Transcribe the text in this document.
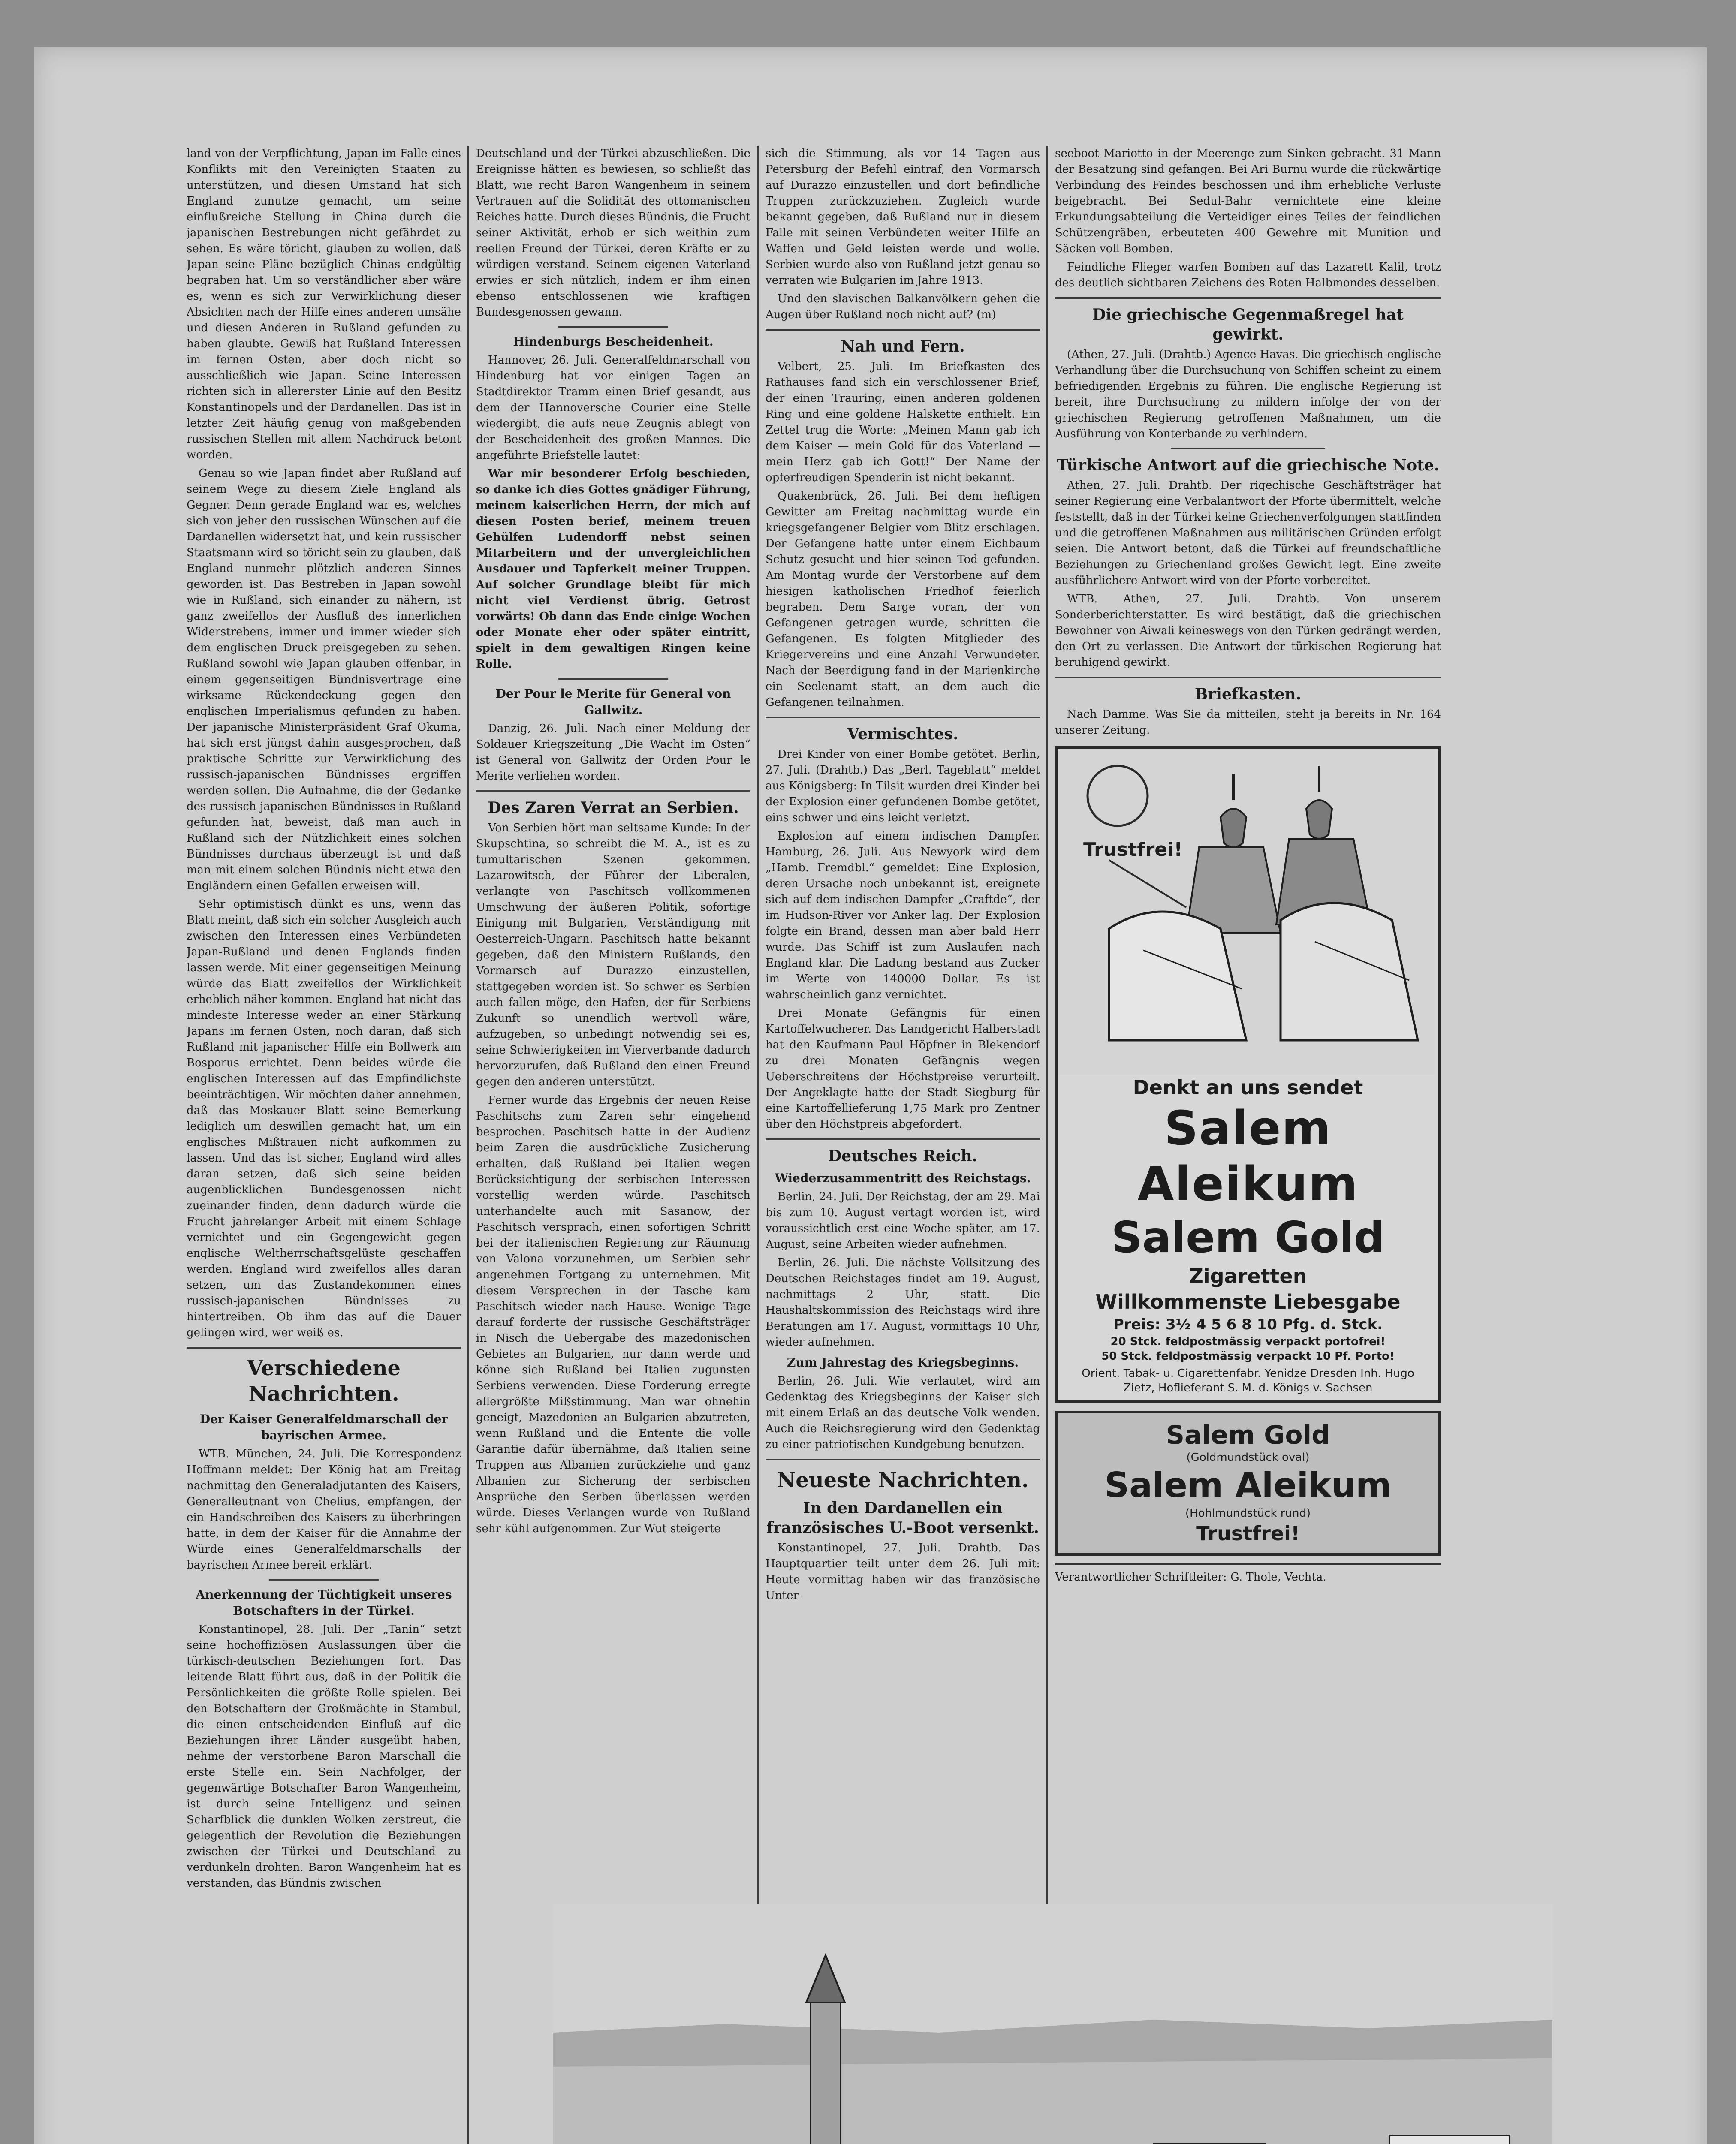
land von der Verpflichtung, Japan im Falle eines Konflikts mit den Vereinigten Staaten zu unterstützen, und diesen Umstand hat sich England zunutze gemacht, um seine einflußreiche Stellung in China durch die japanischen Bestrebungen nicht gefährdet zu sehen. Es wäre töricht, glauben zu wollen, daß Japan seine Pläne bezüglich Chinas endgültig begraben hat. Um so verständlicher aber wäre es, wenn es sich zur Verwirklichung dieser Absichten nach der Hilfe eines anderen umsähe und diesen Anderen in Rußland gefunden zu haben glaubte. Gewiß hat Rußland Interessen im fernen Osten, aber doch nicht so ausschließlich wie Japan. Seine Interessen richten sich in allererster Linie auf den Besitz Konstantinopels und der Dardanellen. Das ist in letzter Zeit häufig genug von maßgebenden russischen Stellen mit allem Nachdruck betont worden.

Genau so wie Japan findet aber Rußland auf seinem Wege zu diesem Ziele England als Gegner. Denn gerade England war es, welches sich von jeher den russischen Wünschen auf die Dardanellen widersetzt hat, und kein russischer Staatsmann wird so töricht sein zu glauben, daß England nunmehr plötzlich anderen Sinnes geworden ist. Das Bestreben in Japan sowohl wie in Rußland, sich einander zu nähern, ist ganz zweifellos der Ausfluß des innerlichen Widerstrebens, immer und immer wieder sich dem englischen Druck preisgegeben zu sehen. Rußland sowohl wie Japan glauben offenbar, in einem gegenseitigen Bündnisvertrage eine wirksame Rückendeckung gegen den englischen Imperialismus gefunden zu haben. Der japanische Ministerpräsident Graf Okuma, hat sich erst jüngst dahin ausgesprochen, daß praktische Schritte zur Verwirklichung des russisch-japanischen Bündnisses ergriffen werden sollen. Die Aufnahme, die der Gedanke des russisch-japanischen Bündnisses in Rußland gefunden hat, beweist, daß man auch in Rußland sich der Nützlichkeit eines solchen Bündnisses durchaus überzeugt ist und daß man mit einem solchen Bündnis nicht etwa den Engländern einen Gefallen erweisen will.

Sehr optimistisch dünkt es uns, wenn das Blatt meint, daß sich ein solcher Ausgleich auch zwischen den Interessen eines Verbündeten Japan-Rußland und denen Englands finden lassen werde. Mit einer gegenseitigen Meinung würde das Blatt zweifellos der Wirklichkeit erheblich näher kommen. England hat nicht das mindeste Interesse weder an einer Stärkung Japans im fernen Osten, noch daran, daß sich Rußland mit japanischer Hilfe ein Bollwerk am Bosporus errichtet. Denn beides würde die englischen Interessen auf das Empfindlichste beeinträchtigen. Wir möchten daher annehmen, daß das Moskauer Blatt seine Bemerkung lediglich um deswillen gemacht hat, um ein englisches Mißtrauen nicht aufkommen zu lassen. Und das ist sicher, England wird alles daran setzen, daß sich seine beiden augenblicklichen Bundesgenossen nicht zueinander finden, denn dadurch würde die Frucht jahrelanger Arbeit mit einem Schlage vernichtet und ein Gegengewicht gegen englische Weltherrschaftsgelüste geschaffen werden. England wird zweifellos alles daran setzen, um das Zustandekommen eines russisch-japanischen Bündnisses zu hintertreiben. Ob ihm das auf die Dauer gelingen wird, wer weiß es.

Verschiedene Nachrichten.
Der Kaiser Generalfeldmarschall der bayrischen Armee.

WTB. München, 24. Juli. Die Korrespondenz Hoffmann meldet: Der König hat am Freitag nachmittag den Generaladjutanten des Kaisers, Generalleutnant von Chelius, empfangen, der ein Handschreiben des Kaisers zu überbringen hatte, in dem der Kaiser für die Annahme der Würde eines Generalfeldmarschalls der bayrischen Armee bereit erklärt.

Anerkennung der Tüchtigkeit unseres Botschafters in der Türkei.

Konstantinopel, 28. Juli. Der „Tanin“ setzt seine hochoffiziösen Auslassungen über die türkisch-deutschen Beziehungen fort. Das leitende Blatt führt aus, daß in der Politik die Persönlichkeiten die größte Rolle spielen. Bei den Botschaftern der Großmächte in Stambul, die einen entscheidenden Einfluß auf die Beziehungen ihrer Länder ausgeübt haben, nehme der verstorbene Baron Marschall die erste Stelle ein. Sein Nachfolger, der gegenwärtige Botschafter Baron Wangenheim, ist durch seine Intelligenz und seinen Scharfblick die dunklen Wolken zerstreut, die gelegentlich der Revolution die Beziehungen zwischen der Türkei und Deutschland zu verdunkeln drohten. Baron Wangenheim hat es verstanden, das Bündnis zwischen

Deutschland und der Türkei abzuschließen. Die Ereignisse hätten es bewiesen, so schließt das Blatt, wie recht Baron Wangenheim in seinem Vertrauen auf die Solidität des ottomanischen Reiches hatte. Durch dieses Bündnis, die Frucht seiner Aktivität, erhob er sich weithin zum reellen Freund der Türkei, deren Kräfte er zu würdigen verstand. Seinem eigenen Vaterland erwies er sich nützlich, indem er ihm einen ebenso entschlossenen wie kraftigen Bundesgenossen gewann.

Hindenburgs Bescheidenheit.

Hannover, 26. Juli. Generalfeldmarschall von Hindenburg hat vor einigen Tagen an Stadtdirektor Tramm einen Brief gesandt, aus dem der Hannoversche Courier eine Stelle wiedergibt, die aufs neue Zeugnis ablegt von der Bescheidenheit des großen Mannes. Die angeführte Briefstelle lautet:

War mir besonderer Erfolg beschieden, so danke ich dies Gottes gnädiger Führung, meinem kaiserlichen Herrn, der mich auf diesen Posten berief, meinem treuen Gehülfen Ludendorff nebst seinen Mitarbeitern und der unvergleichlichen Ausdauer und Tapferkeit meiner Truppen. Auf solcher Grundlage bleibt für mich nicht viel Verdienst übrig. Getrost vorwärts! Ob dann das Ende einige Wochen oder Monate eher oder später eintritt, spielt in dem gewaltigen Ringen keine Rolle.

Der Pour le Merite für General von Gallwitz.

Danzig, 26. Juli. Nach einer Meldung der Soldauer Kriegszeitung „Die Wacht im Osten“ ist General von Gallwitz der Orden Pour le Merite verliehen worden.

Des Zaren Verrat an Serbien.

Von Serbien hört man seltsame Kunde: In der Skupschtina, so schreibt die M. A., ist es zu tumultarischen Szenen gekommen. Lazarowitsch, der Führer der Liberalen, verlangte von Paschitsch vollkommenen Umschwung der äußeren Politik, sofortige Einigung mit Bulgarien, Verständigung mit Oesterreich-Ungarn. Paschitsch hatte bekannt gegeben, daß den Ministern Rußlands, den Vormarsch auf Durazzo einzustellen, stattgegeben worden ist. So schwer es Serbien auch fallen möge, den Hafen, der für Serbiens Zukunft so unendlich wertvoll wäre, aufzugeben, so unbedingt notwendig sei es, seine Schwierigkeiten im Vierverbande dadurch hervorzurufen, daß Rußland den einen Freund gegen den anderen unterstützt.

Ferner wurde das Ergebnis der neuen Reise Paschitschs zum Zaren sehr eingehend besprochen. Paschitsch hatte in der Audienz beim Zaren die ausdrückliche Zusicherung erhalten, daß Rußland bei Italien wegen Berücksichtigung der serbischen Interessen vorstellig werden würde. Paschitsch unterhandelte auch mit Sasanow, der Paschitsch versprach, einen sofortigen Schritt bei der italienischen Regierung zur Räumung von Valona vorzunehmen, um Serbien sehr angenehmen Fortgang zu unternehmen. Mit diesem Versprechen in der Tasche kam Paschitsch wieder nach Hause. Wenige Tage darauf forderte der russische Geschäftsträger in Nisch die Uebergabe des mazedonischen Gebietes an Bulgarien, nur dann werde und könne sich Rußland bei Italien zugunsten Serbiens verwenden. Diese Forderung erregte allergrößte Mißstimmung. Man war ohnehin geneigt, Mazedonien an Bulgarien abzutreten, wenn Rußland und die Entente die volle Garantie dafür übernähme, daß Italien seine Truppen aus Albanien zurückziehe und ganz Albanien zur Sicherung der serbischen Ansprüche den Serben überlassen werden würde. Dieses Verlangen wurde von Rußland sehr kühl aufgenommen. Zur Wut steigerte

sich die Stimmung, als vor 14 Tagen aus Petersburg der Befehl eintraf, den Vormarsch auf Durazzo einzustellen und dort befindliche Truppen zurückzuziehen. Zugleich wurde bekannt gegeben, daß Rußland nur in diesem Falle mit seinen Verbündeten weiter Hilfe an Waffen und Geld leisten werde und wolle. Serbien wurde also von Rußland jetzt genau so verraten wie Bulgarien im Jahre 1913.

Und den slavischen Balkanvölkern gehen die Augen über Rußland noch nicht auf? (m)

Nah und Fern.

Velbert, 25. Juli. Im Briefkasten des Rathauses fand sich ein verschlossener Brief, der einen Trauring, einen anderen goldenen Ring und eine goldene Halskette enthielt. Ein Zettel trug die Worte: „Meinen Mann gab ich dem Kaiser — mein Gold für das Vaterland — mein Herz gab ich Gott!“ Der Name der opferfreudigen Spenderin ist nicht bekannt.

Quakenbrück, 26. Juli. Bei dem heftigen Gewitter am Freitag nachmittag wurde ein kriegsgefangener Belgier vom Blitz erschlagen. Der Gefangene hatte unter einem Eichbaum Schutz gesucht und hier seinen Tod gefunden. Am Montag wurde der Verstorbene auf dem hiesigen katholischen Friedhof feierlich begraben. Dem Sarge voran, der von Gefangenen getragen wurde, schritten die Gefangenen. Es folgten Mitglieder des Kriegervereins und eine Anzahl Verwundeter. Nach der Beerdigung fand in der Marienkirche ein Seelenamt statt, an dem auch die Gefangenen teilnahmen.

Vermischtes.

Drei Kinder von einer Bombe getötet. Berlin, 27. Juli. (Drahtb.) Das „Berl. Tageblatt“ meldet aus Königsberg: In Tilsit wurden drei Kinder bei der Explosion einer gefundenen Bombe getötet, eins schwer und eins leicht verletzt.

Explosion auf einem indischen Dampfer. Hamburg, 26. Juli. Aus Newyork wird dem „Hamb. Fremdbl.“ gemeldet: Eine Explosion, deren Ursache noch unbekannt ist, ereignete sich auf dem indischen Dampfer „Craftde“, der im Hudson-River vor Anker lag. Der Explosion folgte ein Brand, dessen man aber bald Herr wurde. Das Schiff ist zum Auslaufen nach England klar. Die Ladung bestand aus Zucker im Werte von 140000 Dollar. Es ist wahrscheinlich ganz vernichtet.

Drei Monate Gefängnis für einen Kartoffelwucherer. Das Landgericht Halberstadt hat den Kaufmann Paul Höpfner in Blekendorf zu drei Monaten Gefängnis wegen Ueberschreitens der Höchstpreise verurteilt. Der Angeklagte hatte der Stadt Siegburg für eine Kartoffellieferung 1,75 Mark pro Zentner über den Höchstpreis abgefordert.

Deutsches Reich.
Wiederzusammentritt des Reichstags.

Berlin, 24. Juli. Der Reichstag, der am 29. Mai bis zum 10. August vertagt worden ist, wird voraussichtlich erst eine Woche später, am 17. August, seine Arbeiten wieder aufnehmen.

Berlin, 26. Juli. Die nächste Vollsitzung des Deutschen Reichstages findet am 19. August, nachmittags 2 Uhr, statt. Die Haushaltskommission des Reichstags wird ihre Beratungen am 17. August, vormittags 10 Uhr, wieder aufnehmen.

Zum Jahrestag des Kriegsbeginns.

Berlin, 26. Juli. Wie verlautet, wird am Gedenktag des Kriegsbeginns der Kaiser sich mit einem Erlaß an das deutsche Volk wenden. Auch die Reichsregierung wird den Gedenktag zu einer patriotischen Kundgebung benutzen.

Neueste Nachrichten.
In den Dardanellen ein französisches U.-Boot versenkt.

Konstantinopel, 27. Juli. Drahtb. Das Hauptquartier teilt unter dem 26. Juli mit: Heute vormittag haben wir das französische Unter-

seeboot Mariotto in der Meerenge zum Sinken gebracht. 31 Mann der Besatzung sind gefangen. Bei Ari Burnu wurde die rückwärtige Verbindung des Feindes beschossen und ihm erhebliche Verluste beigebracht. Bei Sedul-Bahr vernichtete eine kleine Erkundungsabteilung die Verteidiger eines Teiles der feindlichen Schützengräben, erbeuteten 400 Gewehre mit Munition und Säcken voll Bomben.

Feindliche Flieger warfen Bomben auf das Lazarett Kalil, trotz des deutlich sichtbaren Zeichens des Roten Halbmondes desselben.

Die griechische Gegenmaßregel hat gewirkt.

(Athen, 27. Juli. (Drahtb.) Agence Havas. Die griechisch-englische Verhandlung über die Durchsuchung von Schiffen scheint zu einem befriedigenden Ergebnis zu führen. Die englische Regierung ist bereit, ihre Durchsuchung zu mildern infolge der von der griechischen Regierung getroffenen Maßnahmen, um die Ausführung von Konterbande zu verhindern.

Türkische Antwort auf die griechische Note.

Athen, 27. Juli. Drahtb. Der rigechische Geschäftsträger hat seiner Regierung eine Verbalantwort der Pforte übermittelt, welche feststellt, daß in der Türkei keine Griechenverfolgungen stattfinden und die getroffenen Maßnahmen aus militärischen Gründen erfolgt seien. Die Antwort betont, daß die Türkei auf freundschaftliche Beziehungen zu Griechenland großes Gewicht legt. Eine zweite ausführlichere Antwort wird von der Pforte vorbereitet.

WTB. Athen, 27. Juli. Drahtb. Von unserem Sonderberichterstatter. Es wird bestätigt, daß die griechischen Bewohner von Aiwali keineswegs von den Türken gedrängt werden, den Ort zu verlassen. Die Antwort der türkischen Regierung hat beruhigend gewirkt.

Briefkasten.

Nach Damme. Was Sie da mitteilen, steht ja bereits in Nr. 164 unserer Zeitung.

Trustfrei!
Denkt an uns sendet
Salem Aleikum
Salem Gold
Zigaretten
Willkommenste Liebesgabe
Preis: 3½ 4 5 6 8 10 Pfg. d. Stck.
20 Stck. feldpostmässig verpackt portofrei!
50 Stck. feldpostmässig verpackt 10 Pf. Porto!
Orient. Tabak- u. Cigarettenfabr. Yenidze Dresden Inh. Hugo Zietz, Hoflieferant S. M. d. Königs v. Sachsen
Salem Gold
(Goldmundstück oval)
Salem Aleikum
(Hohlmundstück rund)
Trustfrei!
Verantwortlicher Schriftleiter: G. Thole, Vechta.
